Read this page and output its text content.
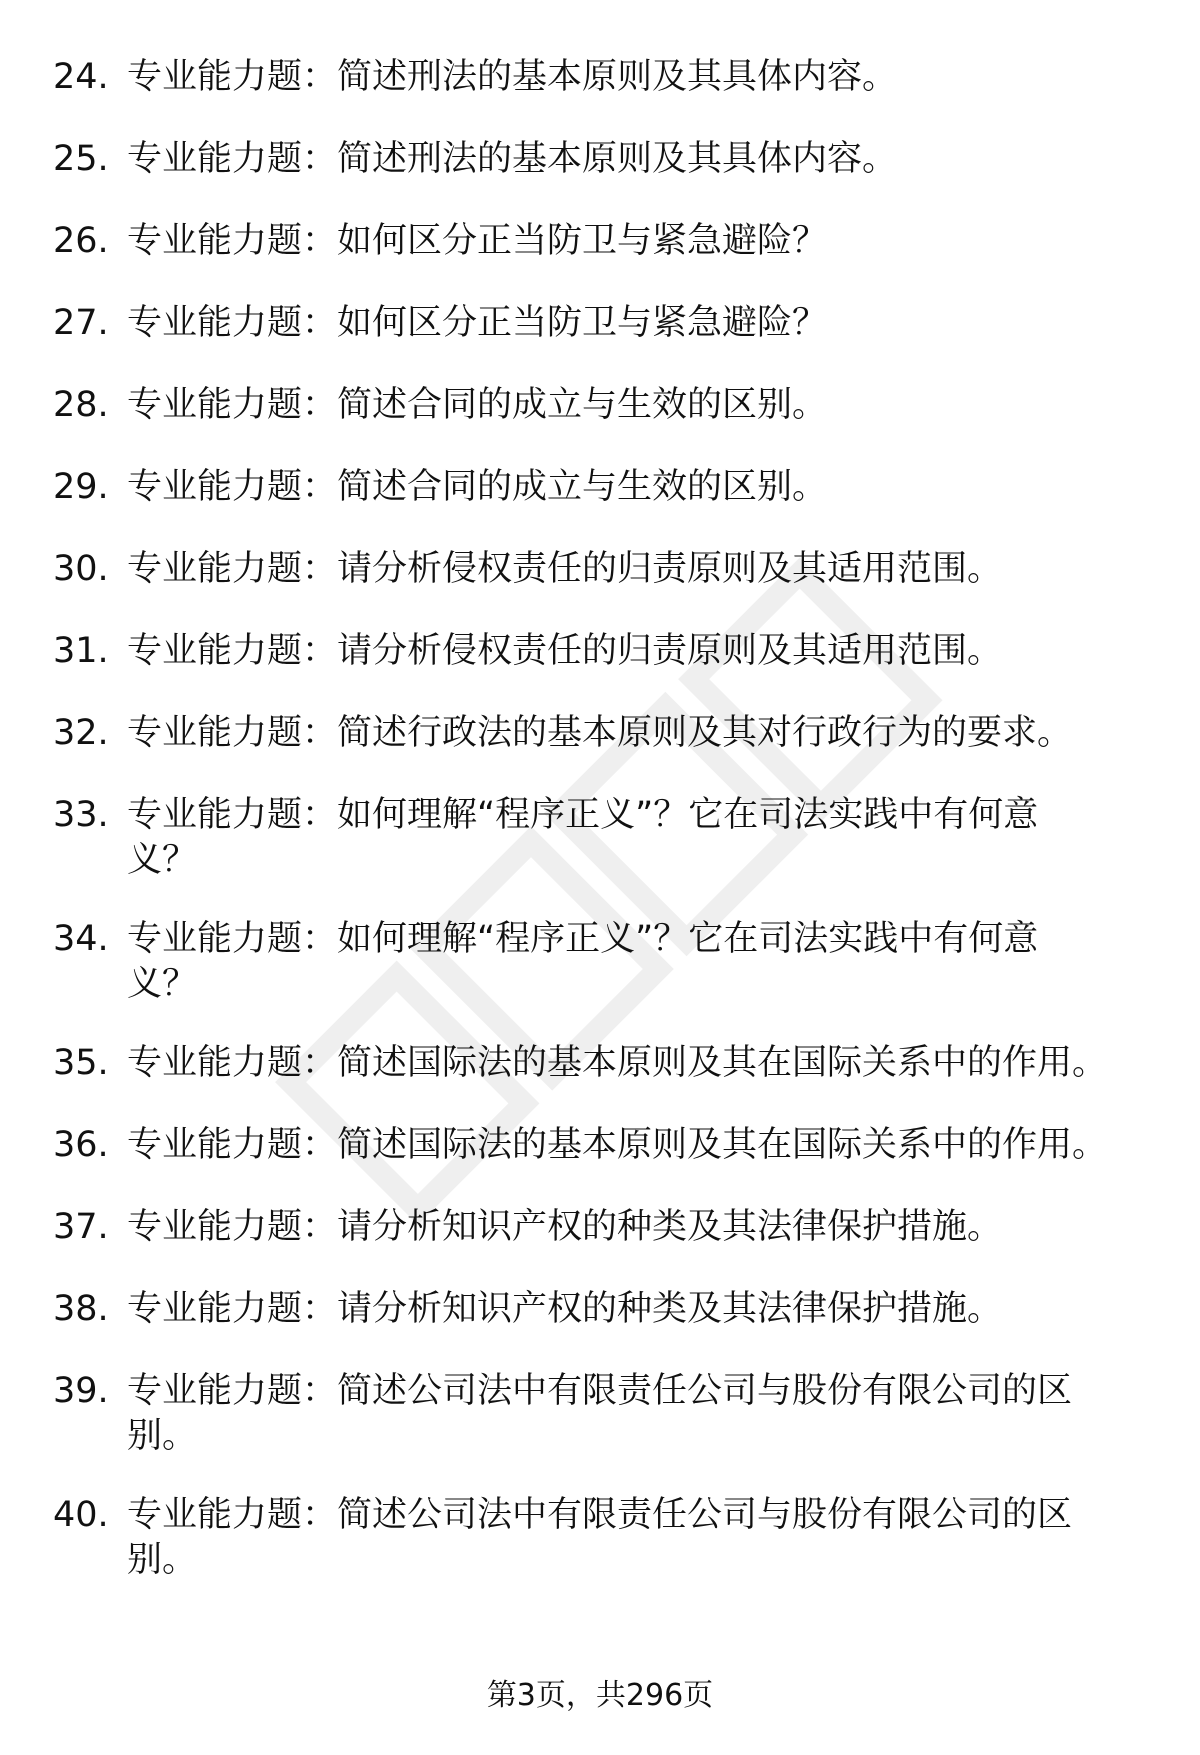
24. 专业能力题：简述刑法的基本原则及其具体内容。
25. 专业能力题：简述刑法的基本原则及其具体内容。
26. 专业能力题：如何区分正当防卫与紧急避险？
27. 专业能力题：如何区分正当防卫与紧急避险？
28. 专业能力题：简述合同的成立与生效的区别。
29. 专业能力题：简述合同的成立与生效的区别。
30. 专业能力题：请分析侵权责任的归责原则及其适用范围。
31. 专业能力题：请分析侵权责任的归责原则及其适用范围。
32. 专业能力题：简述行政法的基本原则及其对行政行为的要求。
33. 专业能力题：如何理解“程序正义”？它在司法实践中有何意义？
34. 专业能力题：如何理解“程序正义”？它在司法实践中有何意义？
35. 专业能力题：简述国际法的基本原则及其在国际关系中的作用。
36. 专业能力题：简述国际法的基本原则及其在国际关系中的作用。
37. 专业能力题：请分析知识产权的种类及其法律保护措施。
38. 专业能力题：请分析知识产权的种类及其法律保护措施。
39. 专业能力题：简述公司法中有限责任公司与股份有限公司的区别。
40. 专业能力题：简述公司法中有限责任公司与股份有限公司的区别。
第3页，共296页
